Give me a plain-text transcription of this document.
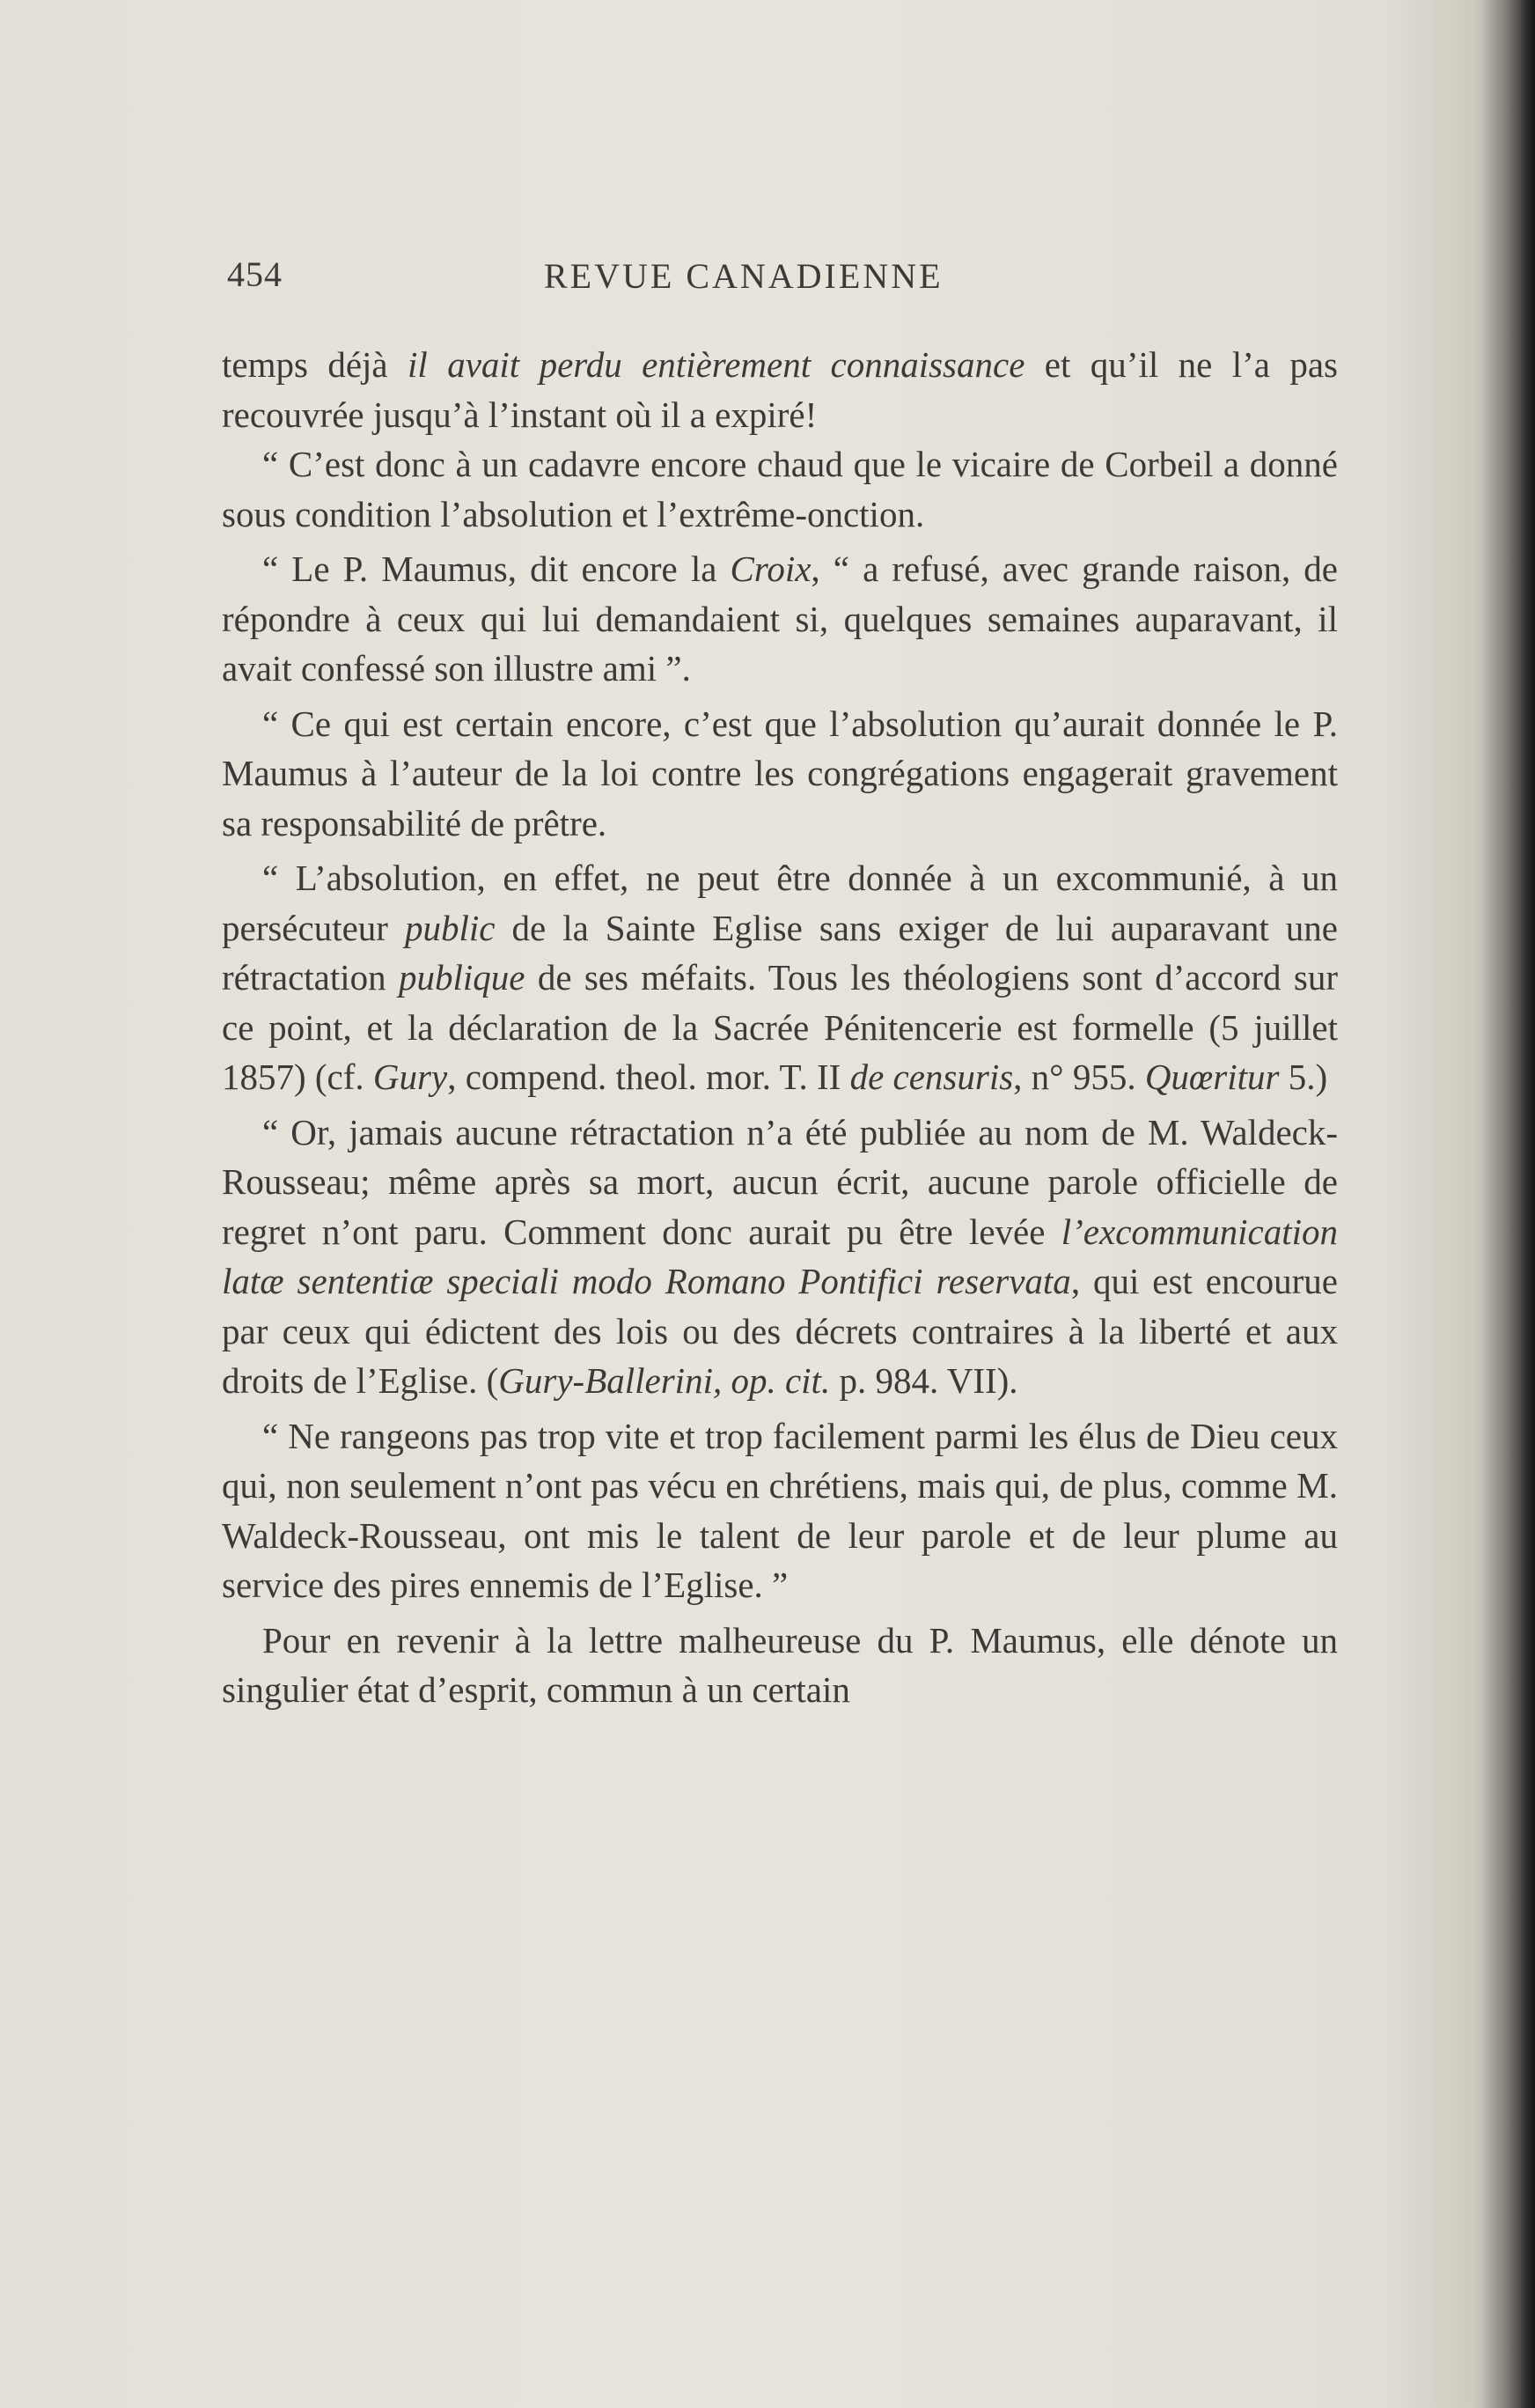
454	REVUE CANADIENNE

temps déjà il avait perdu entièrement connaissance et qu’il ne l’a pas recouvrée jusqu’à l’instant où il a expiré!

“ C’est donc à un cadavre encore chaud que le vicaire de Corbeil a donné sous condition l’absolution et l’extrême-onction.

“ Le P. Maumus, dit encore la Croix, “ a refusé, avec grande raison, de répondre à ceux qui lui demandaient si, quelques semaines auparavant, il avait confessé son illustre ami ”.

“ Ce qui est certain encore, c’est que l’absolution qu’aurait donnée le P. Maumus à l’auteur de la loi contre les congrégations engagerait gravement sa responsabilité de prêtre.

“ L’absolution, en effet, ne peut être donnée à un excommunié, à un persécuteur public de la Sainte Eglise sans exiger de lui auparavant une rétractation publique de ses méfaits. Tous les théologiens sont d’accord sur ce point, et la déclaration de la Sacrée Pénitencerie est formelle (5 juillet 1857) (cf. Gury, compend. theol. mor. T. II de censuris, n° 955. Quœritur 5.)

“ Or, jamais aucune rétractation n’a été publiée au nom de M. Waldeck-Rousseau; même après sa mort, aucun écrit, aucune parole officielle de regret n’ont paru. Comment donc aurait pu être levée l’excommunication latæ sententiæ speciali modo Romano Pontifici reservata, qui est encourue par ceux qui édictent des lois ou des décrets contraires à la liberté et aux droits de l’Eglise. (Gury-Ballerini, op. cit. p. 984. VII).

“ Ne rangeons pas trop vite et trop facilement parmi les élus de Dieu ceux qui, non seulement n’ont pas vécu en chrétiens, mais qui, de plus, comme M. Waldeck-Rousseau, ont mis le talent de leur parole et de leur plume au service des pires ennemis de l’Eglise. ”

Pour en revenir à la lettre malheureuse du P. Maumus, elle dénote un singulier état d’esprit, commun à un certain
